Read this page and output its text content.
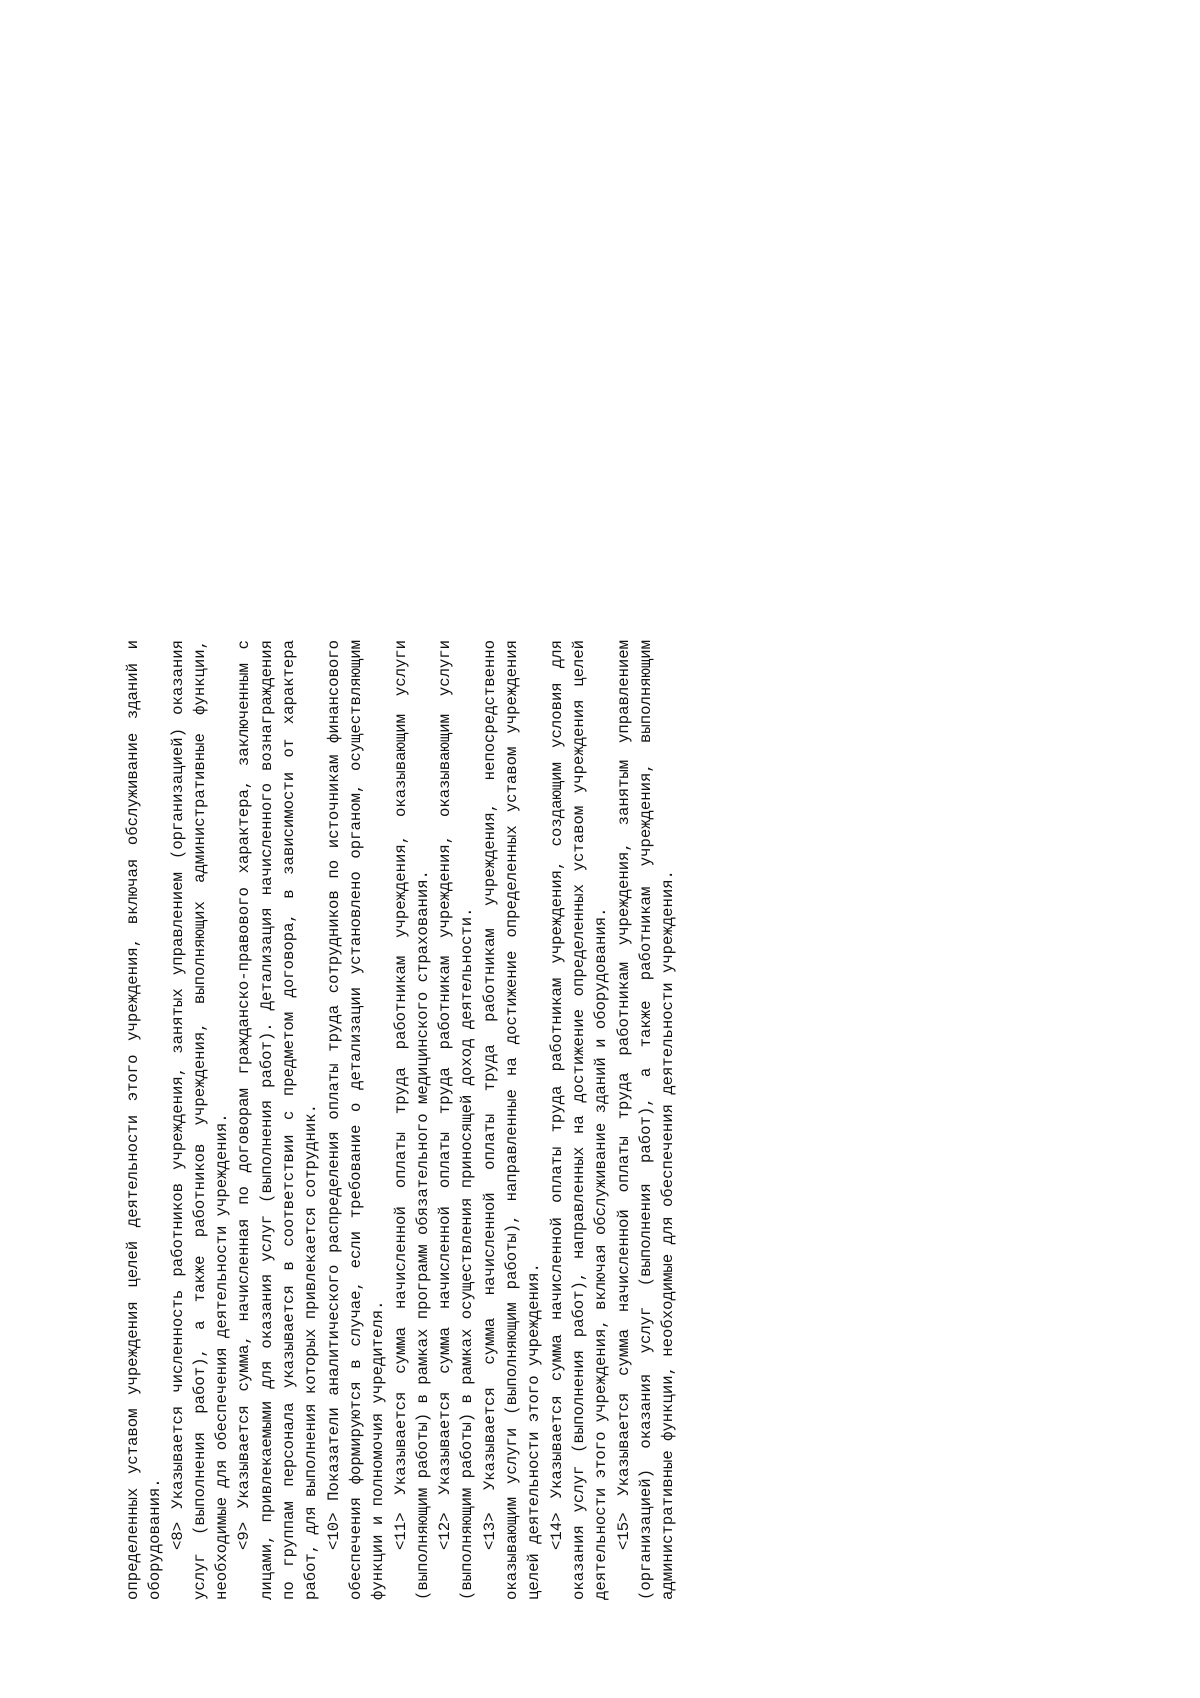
определенных уставом учреждения целей деятельности этого учреждения, включая обслуживание зданий и оборудования. <8> Указывается численность работников учреждения, занятых управлением (организацией) оказания услуг (выполнения работ), а также работников учреждения, выполняющих административные функции, необходимые для обеспечения деятельности учреждения. <9> Указывается сумма, начисленная по договорам гражданско-правового характера, заключенным с лицами, привлекаемыми для оказания услуг (выполнения работ). Детализация начисленного вознаграждения по группам персонала указывается в соответствии с предметом договора, в зависимости от характера работ, для выполнения которых привлекается сотрудник. <10> Показатели аналитического распределения оплаты труда сотрудников по источникам финансового обеспечения формируются в случае, если требование о детализации установлено органом, осуществляющим функции и полномочия учредителя. <11> Указывается сумма начисленной оплаты труда работникам учреждения, оказывающим услуги (выполняющим работы) в рамках программ обязательного медицинского страхования. <12> Указывается сумма начисленной оплаты труда работникам учреждения, оказывающим услуги (выполняющим работы) в рамках осуществления приносящей доход деятельности. <13> Указывается сумма начисленной оплаты труда работникам учреждения, непосредственно оказывающим услуги (выполняющим работы), направленные на достижение определенных уставом учреждения целей деятельности этого учреждения. <14> Указывается сумма начисленной оплаты труда работникам учреждения, создающим условия для оказания услуг (выполнения работ), направленных на достижение определенных уставом учреждения целей деятельности этого учреждения, включая обслуживание зданий и оборудования. <15> Указывается сумма начисленной оплаты труда работникам учреждения, занятым управлением (организацией) оказания услуг (выполнения работ), а также работникам учреждения, выполняющим административные функции, необходимые для обеспечения деятельности учреждения.
